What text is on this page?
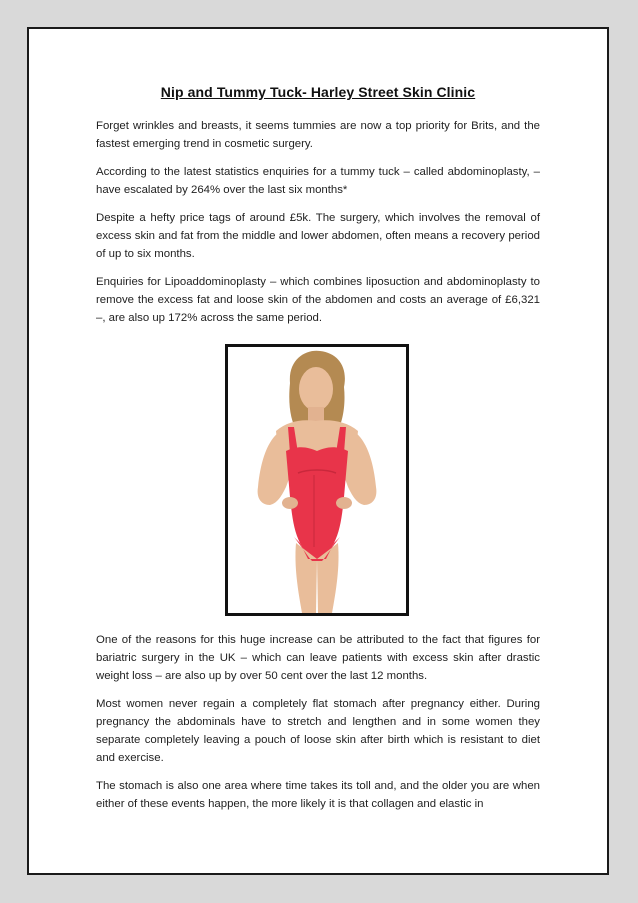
Nip and Tummy Tuck- Harley Street Skin Clinic

Forget wrinkles and breasts, it seems tummies are now a top priority for Brits, and the fastest emerging trend in cosmetic surgery.

According to the latest statistics enquiries for a tummy tuck – called abdominoplasty, – have escalated by 264% over the last six months*

Despite a hefty price tags of around £5k. The surgery, which involves the removal of excess skin and fat from the middle and lower abdomen, often means a recovery period of up to six months.

Enquiries for Lipoaddominoplasty – which combines liposuction and abdominoplasty to remove the excess fat and loose skin of the abdomen and costs an average of £6,321 –, are also up 172% across the same period.

One of the reasons for this huge increase can be attributed to the fact that figures for bariatric surgery in the UK – which can leave patients with excess skin after drastic weight loss – are also up by over 50 cent over the last 12 months.

Most women never regain a completely flat stomach after pregnancy either. During pregnancy the abdominals have to stretch and lengthen and in some women they separate completely leaving a pouch of loose skin after birth which is resistant to diet and exercise.

The stomach is also one area where time takes its toll and, and the older you are when either of these events happen, the more likely it is that collagen and elastic in
